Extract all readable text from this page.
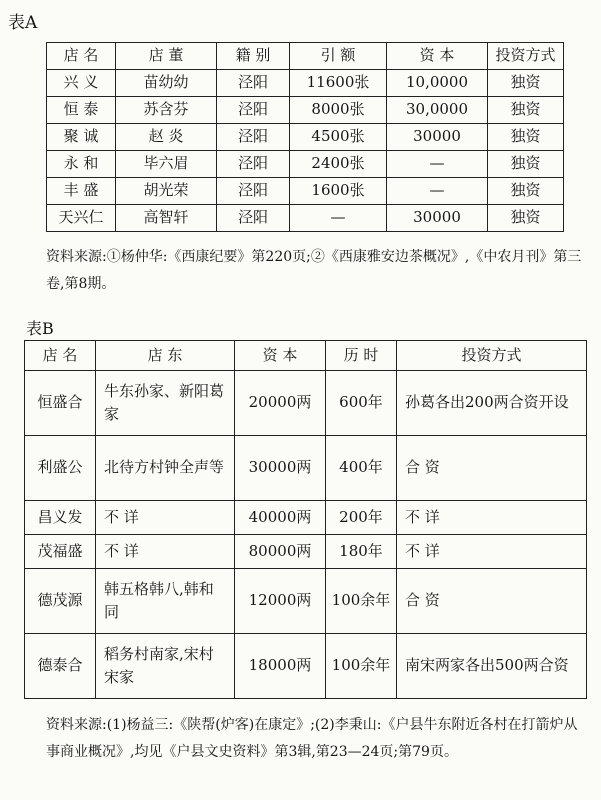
表A
店 名	店 董	籍 别	引 额	资 本	投资方式
兴 义	苗幼幼	泾阳	11600张	10,0000	独资
恒 泰	苏含芬	泾阳	8000张	30,0000	独资
聚 诚	赵 炎	泾阳	4500张	30000	独资
永 和	毕六眉	泾阳	2400张	—	独资
丰 盛	胡光荣	泾阳	1600张	—	独资
天兴仁	高智轩	泾阳	—	30000	独资
资料来源:①杨仲华:《西康纪要》第220页;②《西康雅安边茶概况》,《中农月刊》第三卷,第8期。
表B
店 名	店 东	资 本	历 时	投资方式
恒盛合	牛东孙家、新阳葛家	20000两	600年	孙葛各出200两合资开设
利盛公	北待方村钟全声等	30000两	400年	合 资
昌义发	不 详	40000两	200年	不 详
茂福盛	不 详	80000两	180年	不 详
德茂源	韩五格韩八,韩和同	12000两	100余年	合 资
德泰合	稻务村南家,宋村宋家	18000两	100余年	南宋两家各出500两合资
资料来源:(1)杨益三:《陕帮(炉客)在康定》;(2)李秉山:《户县牛东附近各村在打箭炉从事商业概况》,均见《户县文史资料》第3辑,第23—24页;第79页。
